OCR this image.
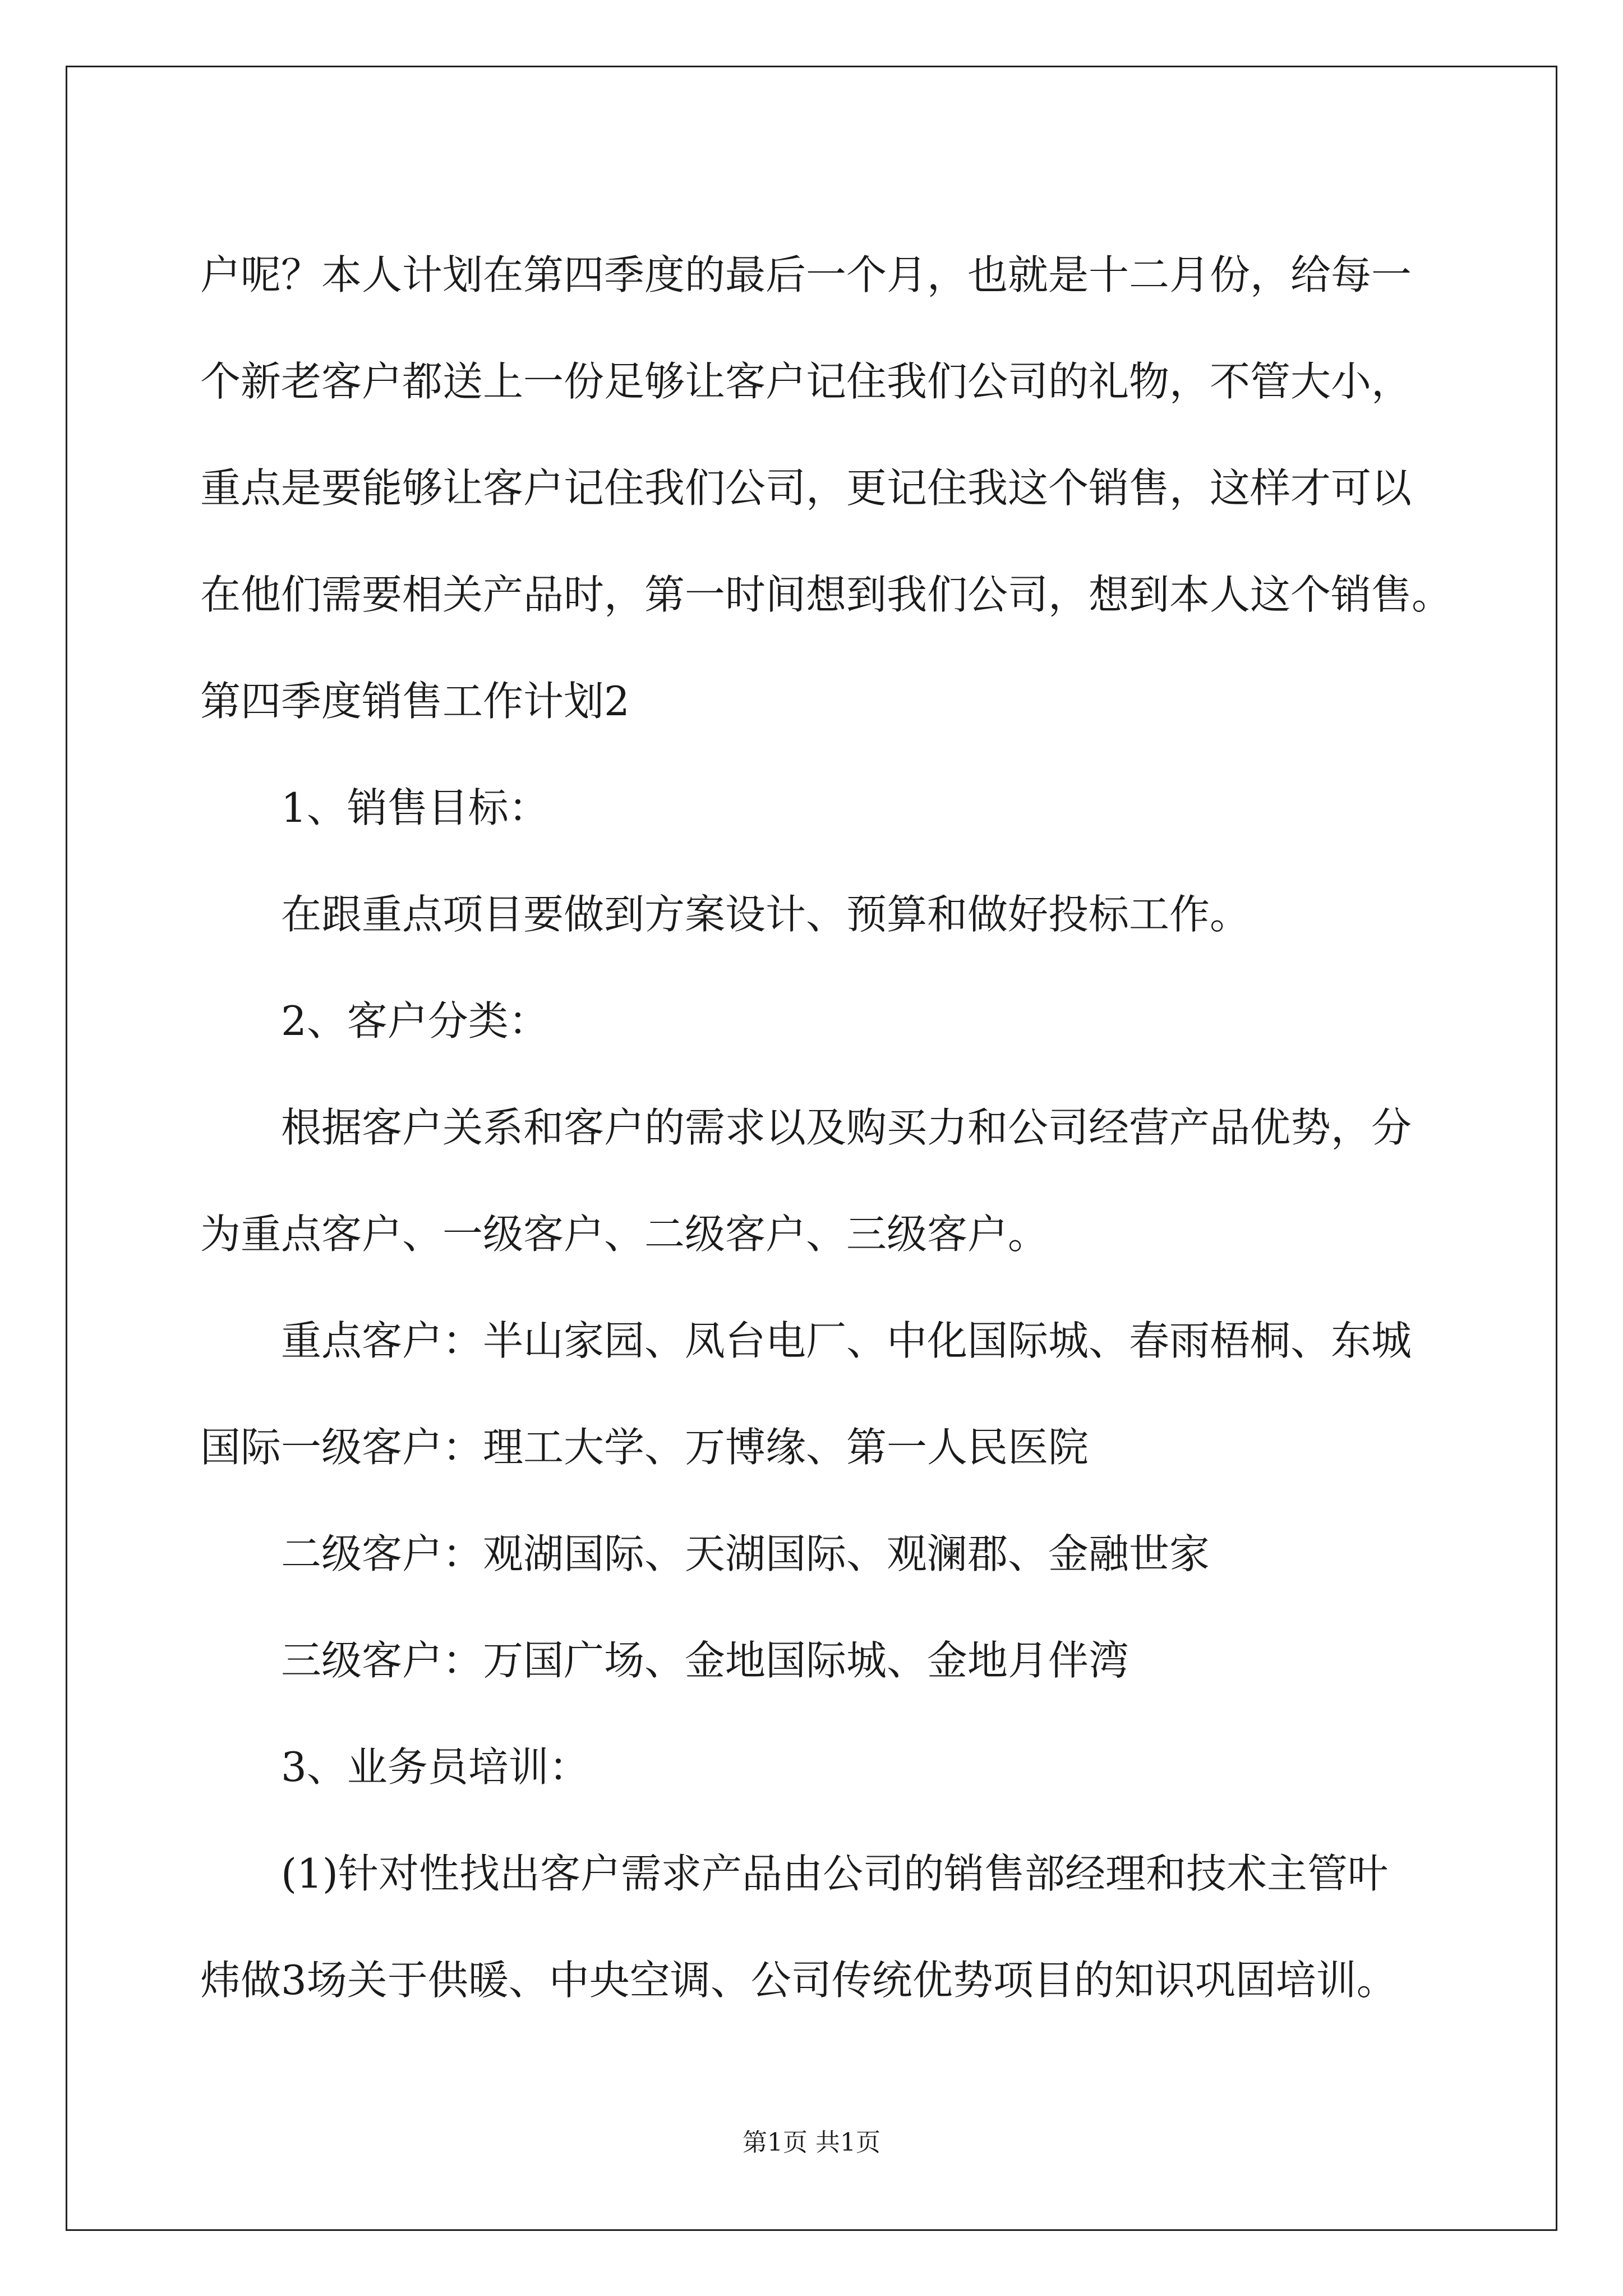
户呢？本人计划在第四季度的最后一个月，也就是十二月份，给每一
个新老客户都送上一份足够让客户记住我们公司的礼物，不管大小，
重点是要能够让客户记住我们公司，更记住我这个销售，这样才可以
在他们需要相关产品时，第一时间想到我们公司，想到本人这个销售。
第四季度销售工作计划2
1、销售目标：
在跟重点项目要做到方案设计、预算和做好投标工作。
2、客户分类：
根据客户关系和客户的需求以及购买力和公司经营产品优势，分
为重点客户、一级客户、二级客户、三级客户。
重点客户：半山家园、凤台电厂、中化国际城、春雨梧桐、东城
国际一级客户：理工大学、万博缘、第一人民医院
二级客户：观湖国际、天湖国际、观澜郡、金融世家
三级客户：万国广场、金地国际城、金地月伴湾
3、业务员培训：
(1)针对性找出客户需求产品由公司的销售部经理和技术主管叶
炜做3场关于供暖、中央空调、公司传统优势项目的知识巩固培训。
第1页 共1页
